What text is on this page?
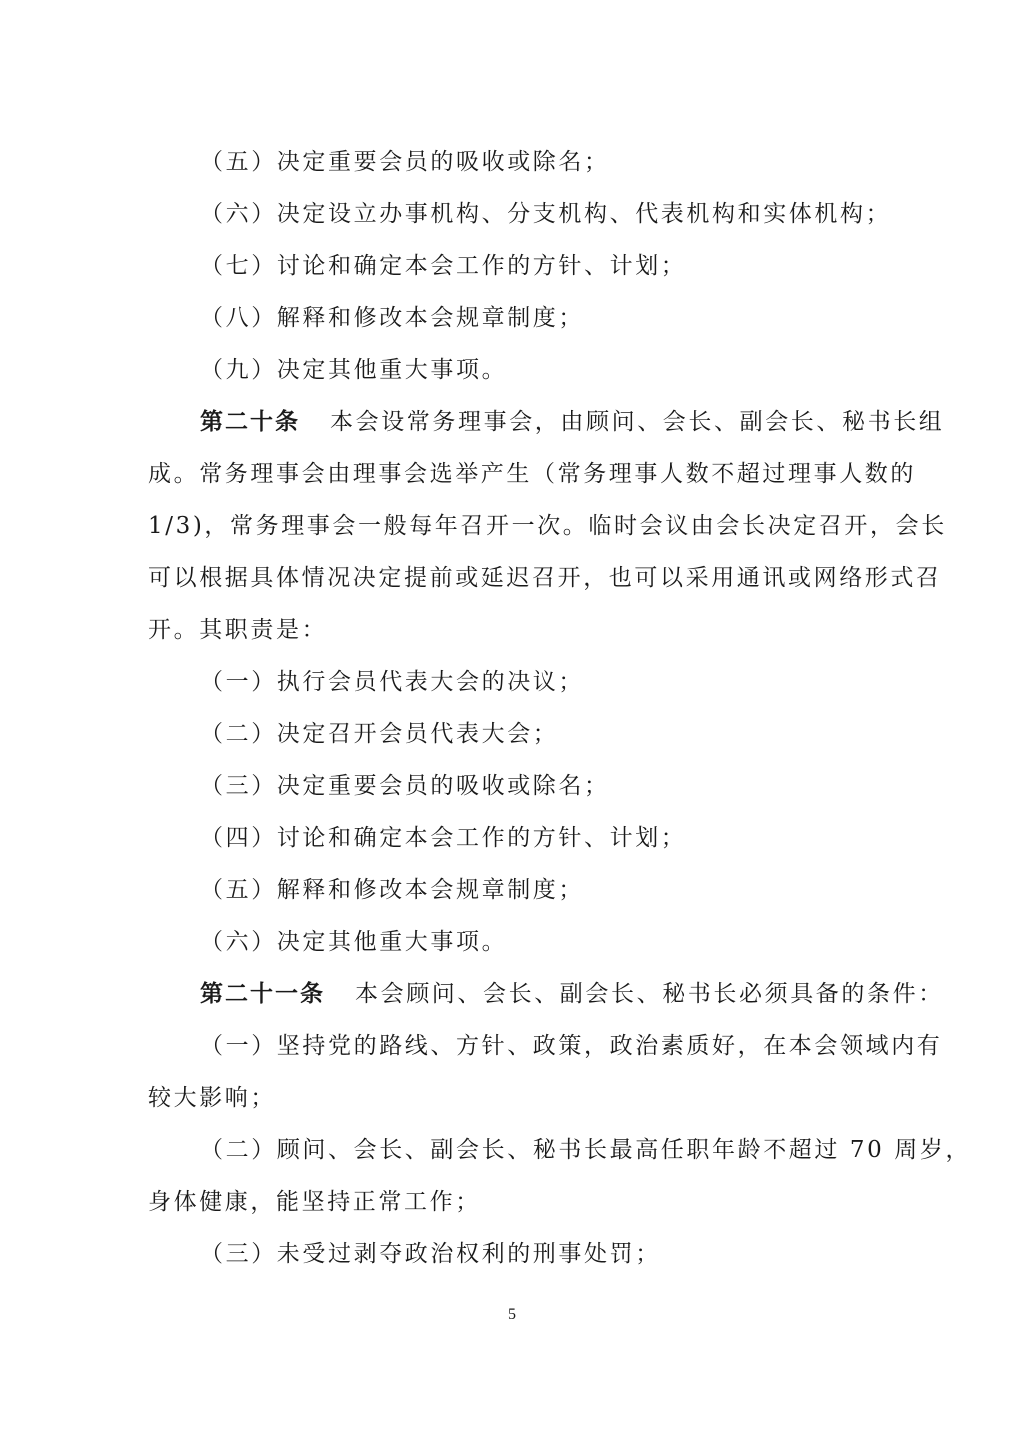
（五）决定重要会员的吸收或除名；
（六）决定设立办事机构、分支机构、代表机构和实体机构；
（七）讨论和确定本会工作的方针、计划；
（八）解释和修改本会规章制度；
（九）决定其他重大事项。
第二十条 本会设常务理事会，由顾问、会长、副会长、秘书长组
成。常务理事会由理事会选举产生（常务理事人数不超过理事人数的
1/3)，常务理事会一般每年召开一次。临时会议由会长决定召开，会长
可以根据具体情况决定提前或延迟召开，也可以采用通讯或网络形式召
开。其职责是：
（一）执行会员代表大会的决议；
（二）决定召开会员代表大会；
（三）决定重要会员的吸收或除名；
（四）讨论和确定本会工作的方针、计划；
（五）解释和修改本会规章制度；
（六）决定其他重大事项。
第二十一条 本会顾问、会长、副会长、秘书长必须具备的条件：
（一）坚持党的路线、方针、政策，政治素质好，在本会领域内有
较大影响；
（二）顾问、会长、副会长、秘书长最高任职年龄不超过 70 周岁，
身体健康，能坚持正常工作；
（三）未受过剥夺政治权利的刑事处罚；
5
